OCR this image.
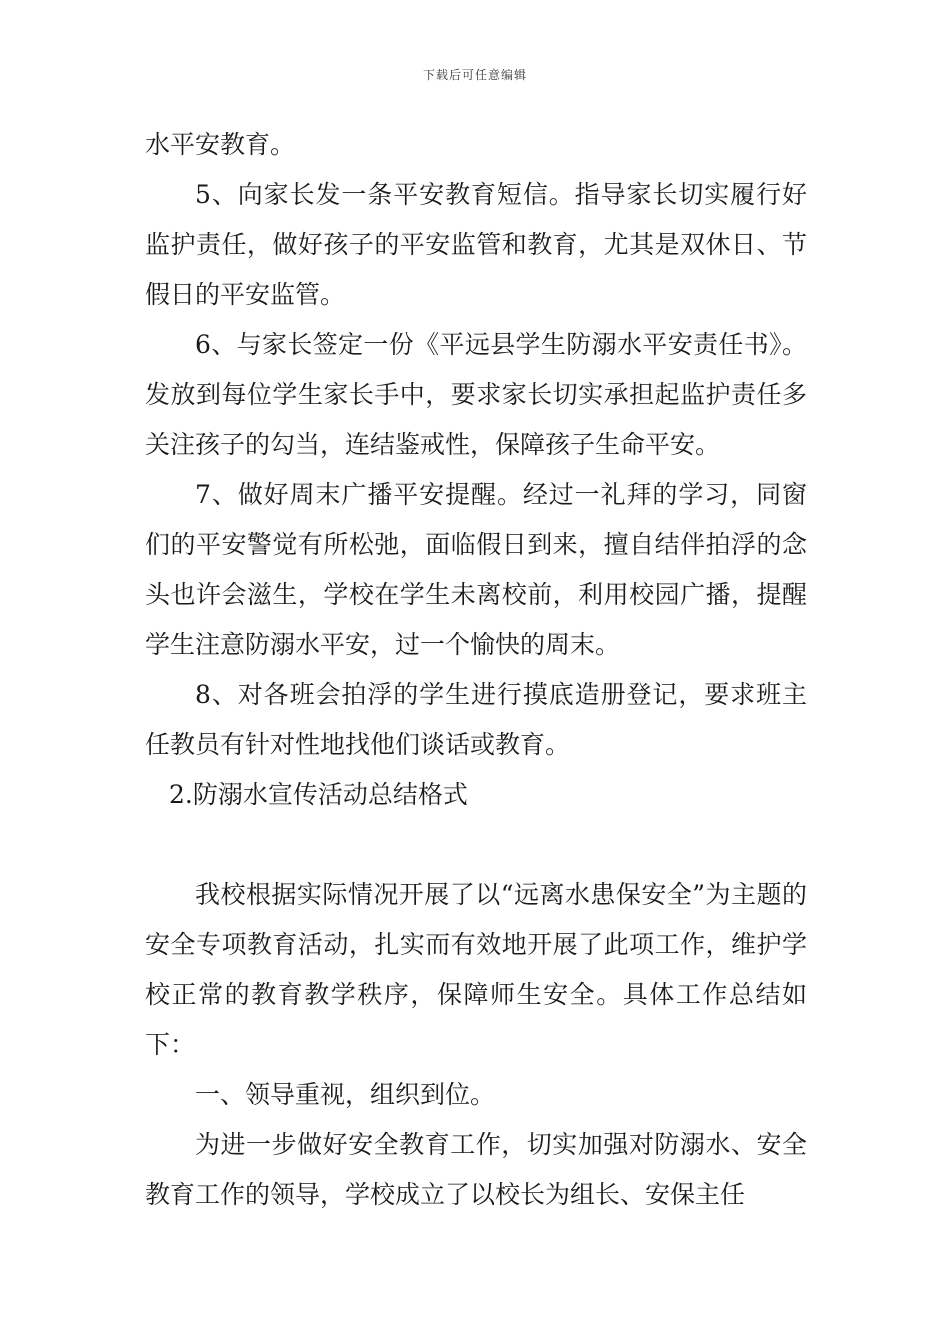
下载后可任意编辑

水平安教育。

5、向家长发一条平安教育短信。指导家长切实履行好监护责任，做好孩子的平安监管和教育，尤其是双休日、节假日的平安监管。

6、与家长签定一份《平远县学生防溺水平安责任书》。发放到每位学生家长手中，要求家长切实承担起监护责任多关注孩子的勾当，连结鉴戒性，保障孩子生命平安。

7、做好周末广播平安提醒。经过一礼拜的学习，同窗们的平安警觉有所松弛，面临假日到来，擅自结伴拍浮的念头也许会滋生，学校在学生未离校前，利用校园广播，提醒学生注意防溺水平安，过一个愉快的周末。

8、对各班会拍浮的学生进行摸底造册登记，要求班主任教员有针对性地找他们谈话或教育。

2.防溺水宣传活动总结格式

我校根据实际情况开展了以“远离水患保安全”为主题的安全专项教育活动，扎实而有效地开展了此项工作，维护学校正常的教育教学秩序，保障师生安全。具体工作总结如下：

一、领导重视，组织到位。

为进一步做好安全教育工作，切实加强对防溺水、安全教育工作的领导，学校成立了以校长为组长、安保主任
